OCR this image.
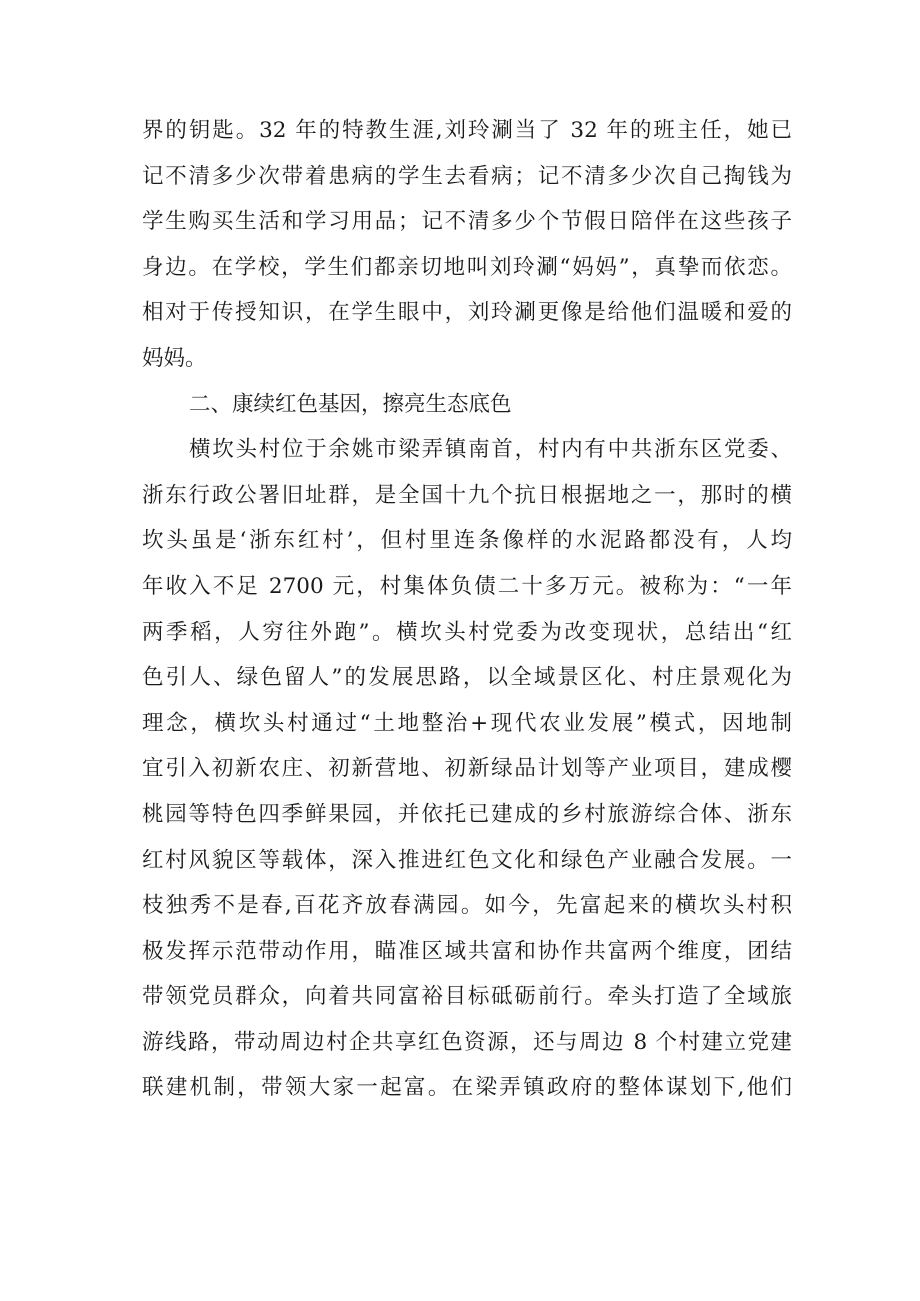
界的钥匙。32 年的特教生涯,刘玲涮当了 32 年的班主任，她已
记不清多少次带着患病的学生去看病；记不清多少次自己掏钱为
学生购买生活和学习用品；记不清多少个节假日陪伴在这些孩子
身边。在学校，学生们都亲切地叫刘玲涮“妈妈”，真挚而依恋。
相对于传授知识，在学生眼中，刘玲涮更像是给他们温暖和爱的
妈妈。
二、康续红色基因，擦亮生态底色
横坎头村位于余姚市梁弄镇南首，村内有中共浙东区党委、
浙东行政公署旧址群，是全国十九个抗日根据地之一，那时的横
坎头虽是‘浙东红村’，但村里连条像样的水泥路都没有，人均
年收入不足 2700 元，村集体负债二十多万元。被称为：“一年
两季稻，人穷往外跑”。横坎头村党委为改变现状，总结出“红
色引人、绿色留人”的发展思路，以全域景区化、村庄景观化为
理念，横坎头村通过“土地整治+现代农业发展”模式，因地制
宜引入初新农庄、初新营地、初新绿品计划等产业项目，建成樱
桃园等特色四季鲜果园，并依托已建成的乡村旅游综合体、浙东
红村风貌区等载体，深入推进红色文化和绿色产业融合发展。一
枝独秀不是春,百花齐放春满园。如今，先富起来的横坎头村积
极发挥示范带动作用，瞄准区域共富和协作共富两个维度，团结
带领党员群众，向着共同富裕目标砥砺前行。牵头打造了全域旅
游线路，带动周边村企共享红色资源，还与周边 8 个村建立党建
联建机制，带领大家一起富。在梁弄镇政府的整体谋划下,他们
